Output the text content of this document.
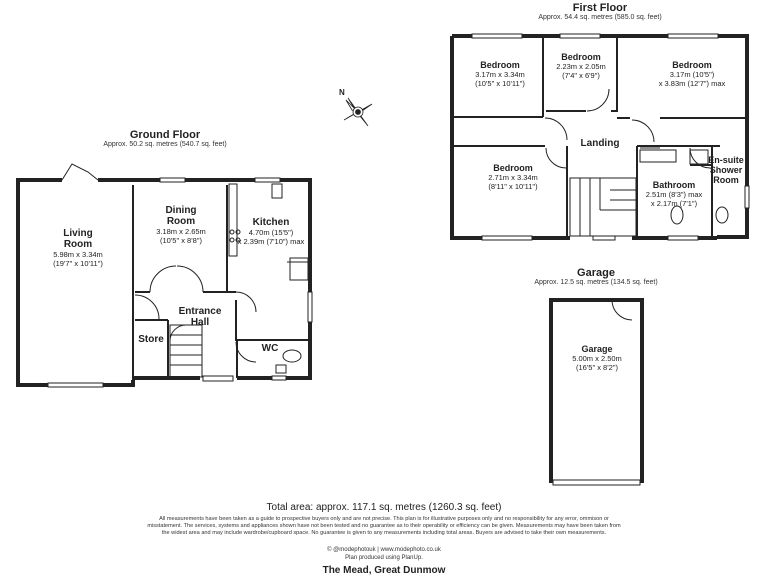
N
First Floor
Approx. 54.4 sq. metres (585.0 sq. feet)
Bedroom
3.17m x 3.34m
(10'5" x 10'11")
Bedroom
2.23m x 2.05m
(7'4" x 6'9")
Bedroom
3.17m (10'5")
x 3.83m (12'7") max
Landing
Bedroom
2.71m x 3.34m
(8'11" x 10'11")	Bathroom
2.51m (8'3") max
x 2.17m (7'1")
En-suite
Shower
Room
Ground Floor
Approx. 50.2 sq. metres (540.7 sq. feet)
Living
Room
5.98m x 3.34m
(19'7" x 10'11")
Dining
Room
3.18m x 2.65m
(10'5" x 8'8")
Kitchen
4.70m (15'5")
x 2.39m (7'10") max
Entrance
Hall
Store
WC
Garage
Approx. 12.5 sq. metres (134.5 sq. feet)
Garage
5.00m x 2.50m
(16'5" x 8'2")
Total area: approx. 117.1 sq. metres (1260.3 sq. feet)
All measurements have been taken as a guide to prospective buyers only and are not precise. This plan is for illustrative purposes only and no responsibility for any error, ommison or
misstatement. The services, systems and appliances shown have not been tested and no guarantee as to their operability or efficiency can be given. Measurements may have been taken from
the widest area and may include wardrobe/cupboard space. No guarantee is given to any measurements including total areas. Buyers are advised to take their own measurements.
© @modephotouk | www.modephoto.co.uk
Plan produced using PlanUp.
The Mead, Great Dunmow
